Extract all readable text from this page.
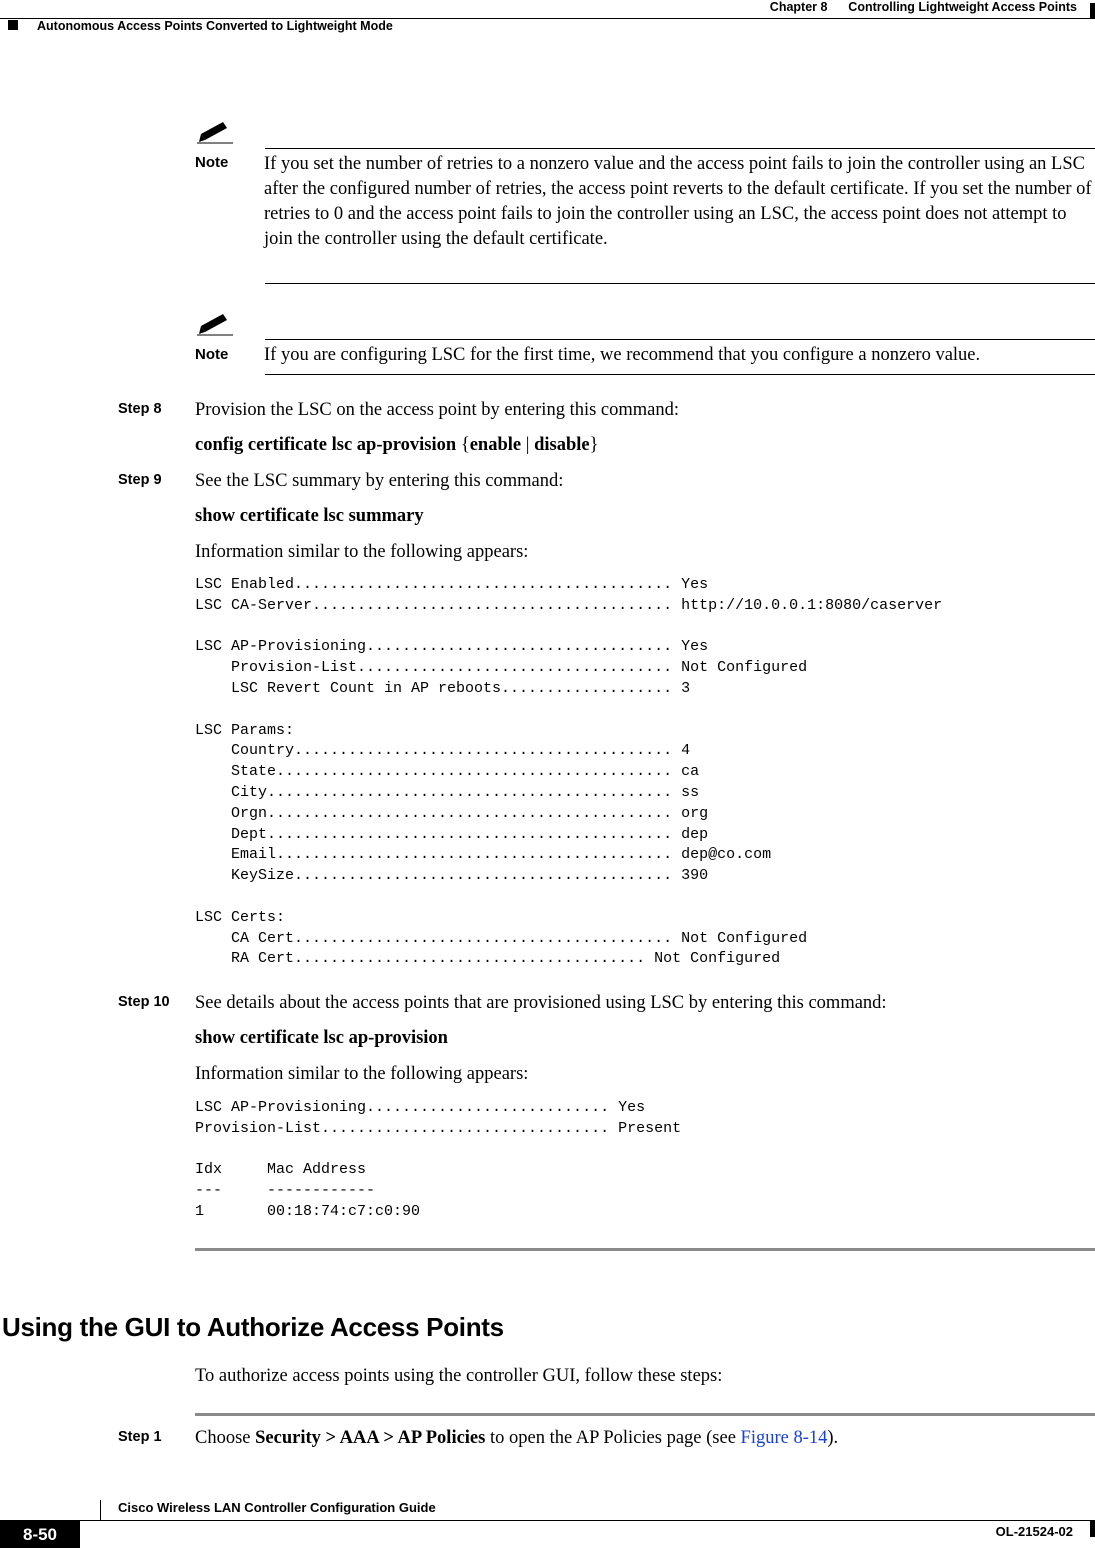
Chapter 8      Controlling Lightweight Access Points
Autonomous Access Points Converted to Lightweight Mode
Note If you set the number of retries to a nonzero value and the access point fails to join the controller using an LSC after the configured number of retries, the access point reverts to the default certificate. If you set the number of retries to 0 and the access point fails to join the controller using an LSC, the access point does not attempt to join the controller using the default certificate.
Note If you are configuring LSC for the first time, we recommend that you configure a nonzero value.
Step 8 Provision the LSC on the access point by entering this command:
config certificate lsc ap-provision {enable | disable}
Step 9 See the LSC summary by entering this command:
show certificate lsc summary
Information similar to the following appears:
LSC Enabled.......................................... Yes
LSC CA-Server........................................ http://10.0.0.1:8080/caserver

LSC AP-Provisioning.................................. Yes
Provision-List................................... Not Configured
LSC Revert Count in AP reboots................... 3

LSC Params:
Country.......................................... 4
State............................................ ca
City............................................. ss
Orgn............................................. org
Dept............................................. dep
Email............................................ dep@co.com
KeySize.......................................... 390

LSC Certs:
CA Cert.......................................... Not Configured
RA Cert....................................... Not Configured
Step 10 See details about the access points that are provisioned using LSC by entering this command:
show certificate lsc ap-provision
Information similar to the following appears:
LSC AP-Provisioning........................... Yes
Provision-List................................ Present

Idx     Mac Address
---     ------------
1       00:18:74:c7:c0:90
Using the GUI to Authorize Access Points
To authorize access points using the controller GUI, follow these steps:
Step 1 Choose Security > AAA > AP Policies to open the AP Policies page (see Figure 8-14).
Cisco Wireless LAN Controller Configuration Guide
8-50	OL-21524-02
